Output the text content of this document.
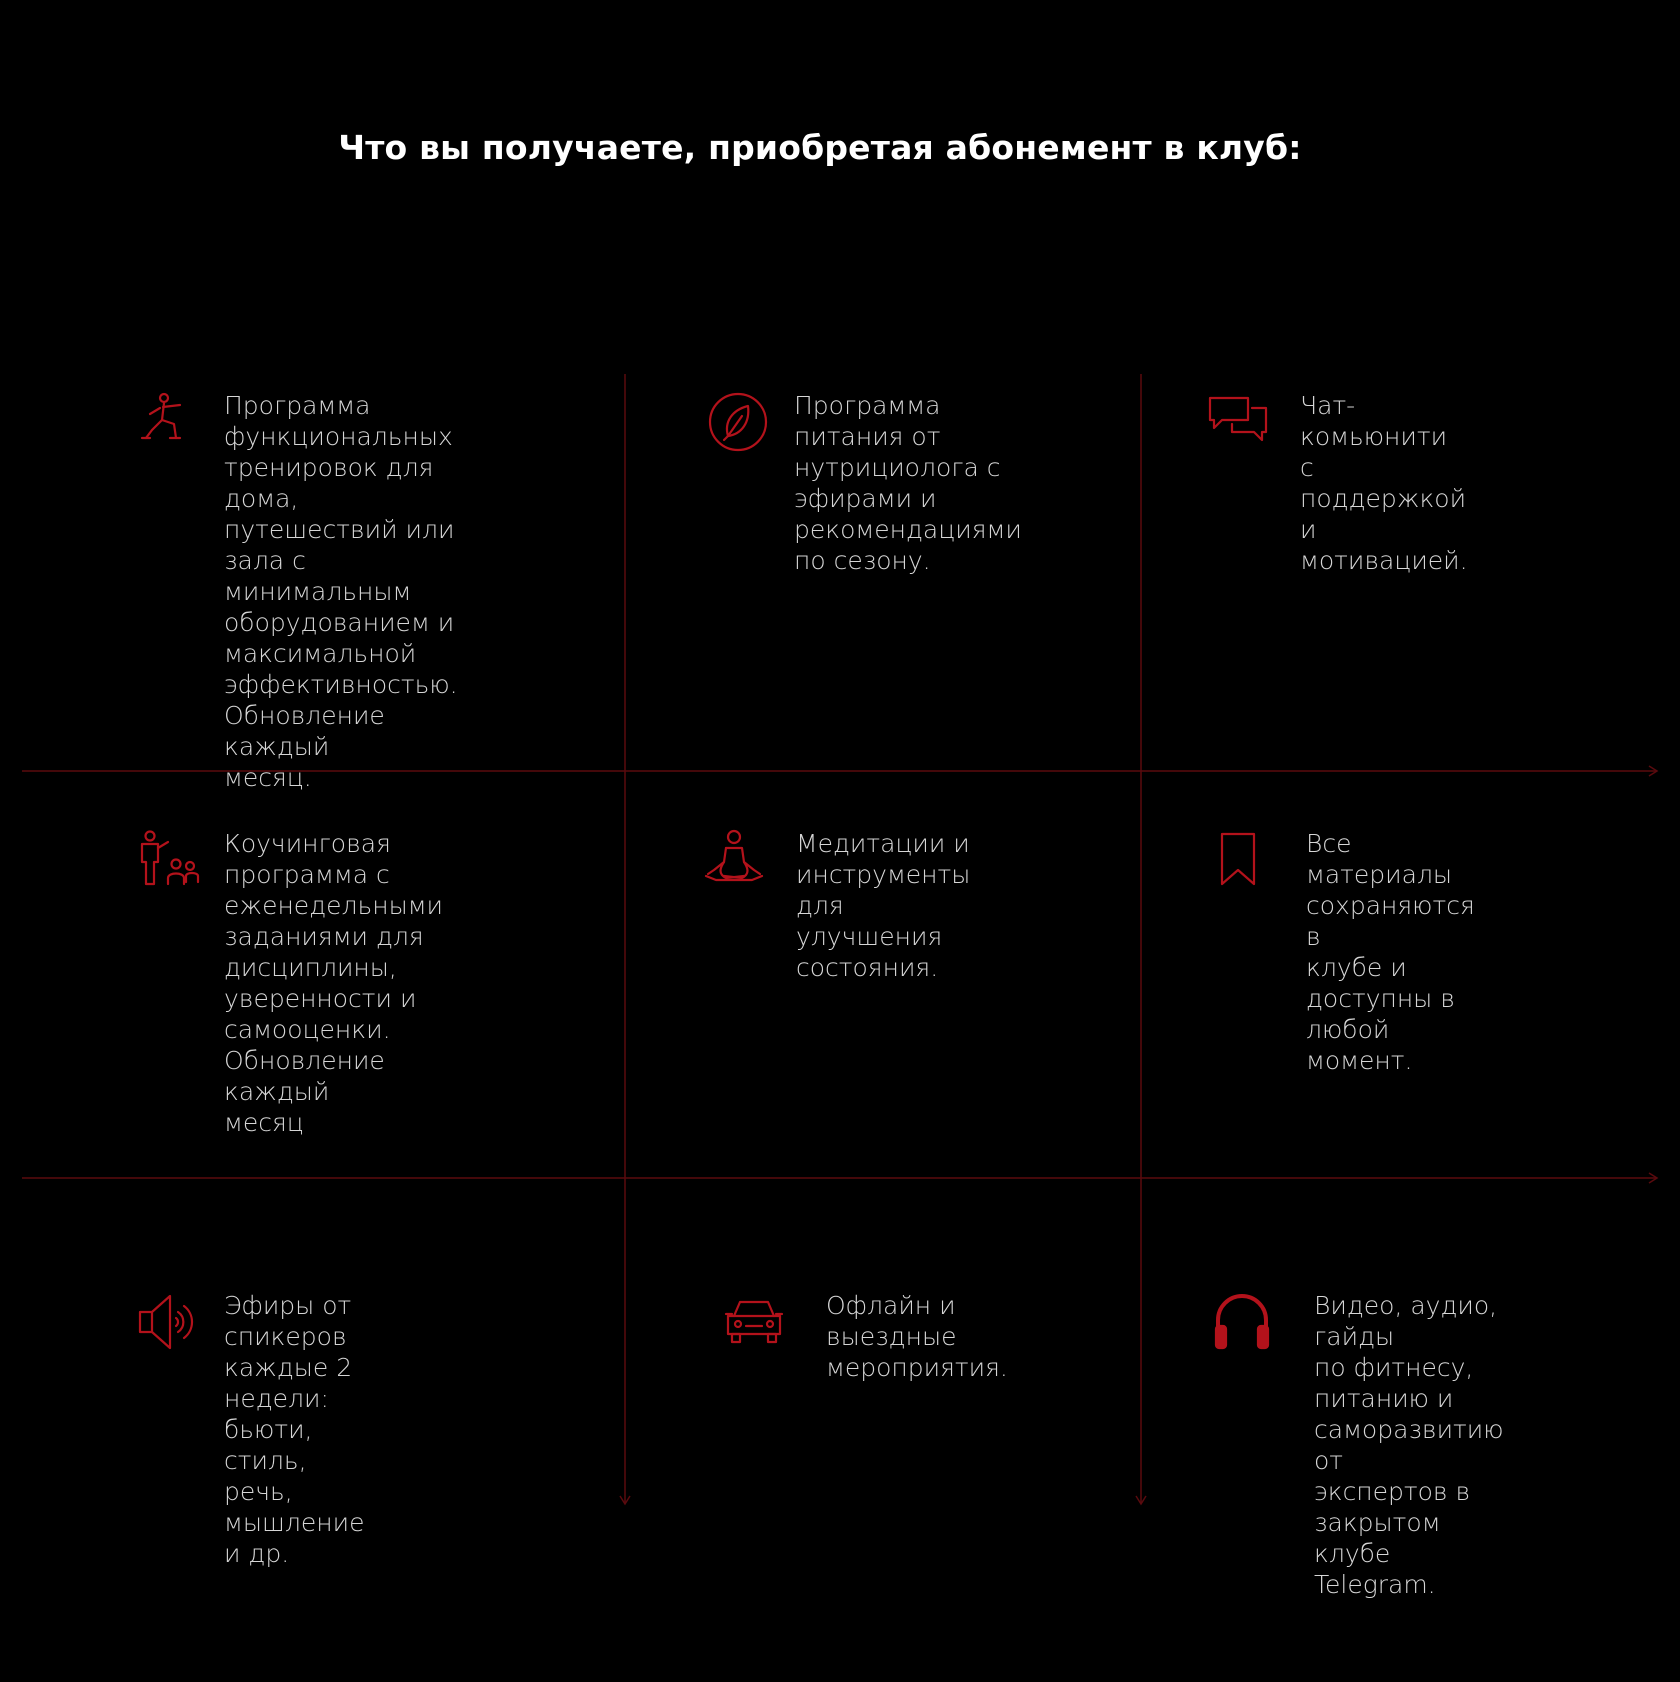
Что вы получаете, приобретая абонемент в клуб:
Программа
функциональных
тренировок для дома,
путешествий или зала с
минимальным
оборудованием и
максимальной
эффективностью.
Обновление каждый
месяц.
Программа
питания от
нутрициолога с
эфирами и
рекомендациями
по сезону.
Чат-комьюнити с
поддержкой и
мотивацией.
Коучинговая
программа с
еженедельными
заданиями для
дисциплины,
уверенности и
самооценки.
Обновление каждый
месяц
Медитации и
инструменты для
улучшения
состояния.
Все материалы
сохраняются в
клубе и
доступны в
любой момент.
Эфиры от спикеров
каждые 2 недели:
бьюти, стиль, речь,
мышление и др.
Офлайн и
выездные
мероприятия.
Видео, аудио, гайды
по фитнесу,
питанию и
саморазвитию от
экспертов в
закрытом клубе
Telegram.
